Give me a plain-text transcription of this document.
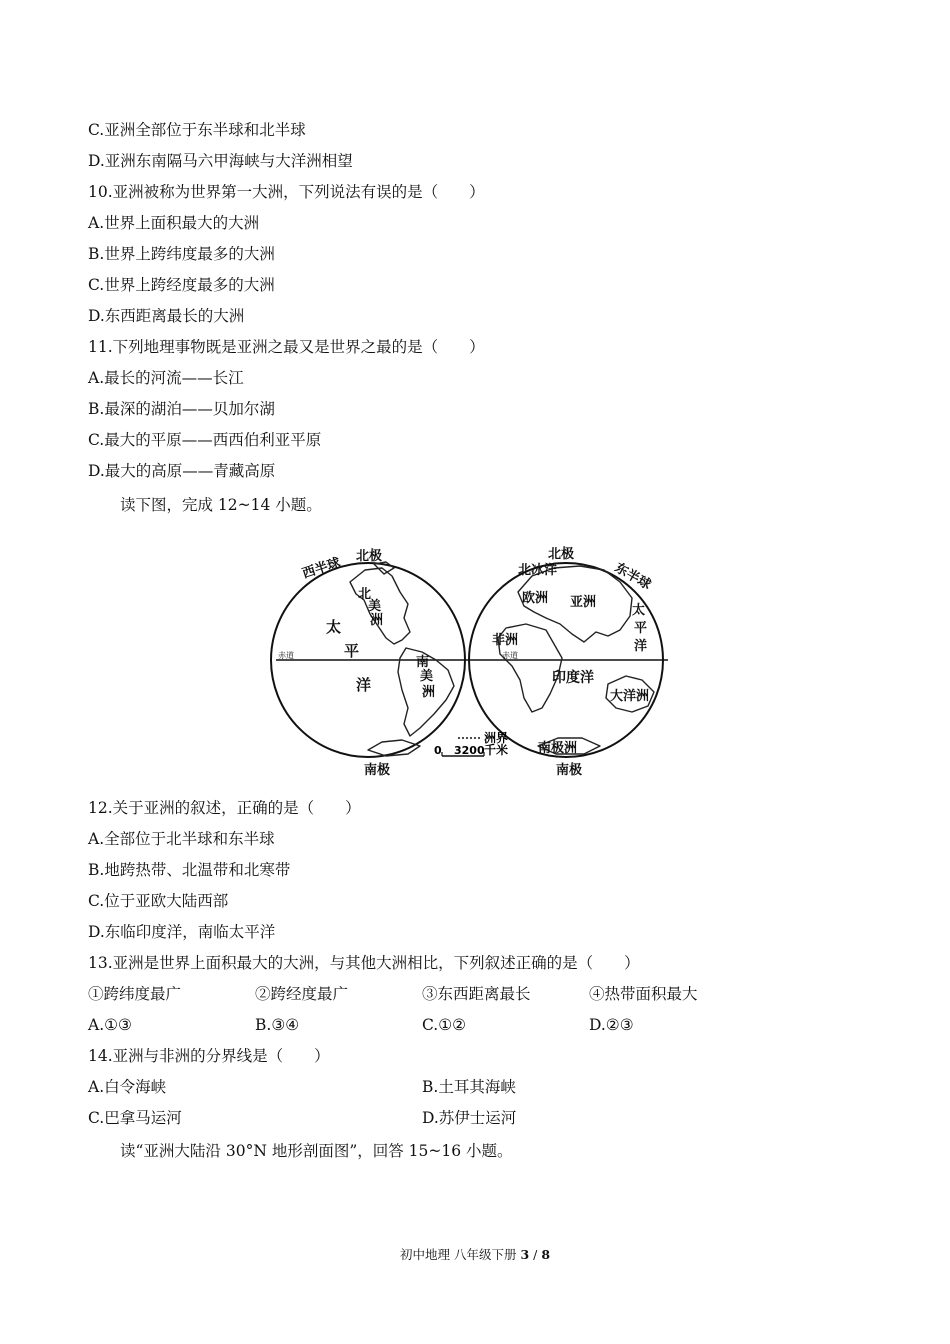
C.亚洲全部位于东半球和北半球
D.亚洲东南隔马六甲海峡与大洋洲相望
10.亚洲被称为世界第一大洲，下列说法有误的是（　　）
A.世界上面积最大的大洲
B.世界上跨纬度最多的大洲
C.世界上跨经度最多的大洲
D.东西距离最长的大洲
11.下列地理事物既是亚洲之最又是世界之最的是（　　）
A.最长的河流——长江
B.最深的湖泊——贝加尔湖
C.最大的平原——西西伯利亚平原
D.最大的高原——青藏高原
读下图，完成 12~14 小题。
西半球 北极
北
美
洲
太
平
洋
南
美
洲
南极
赤道
北极
北冰洋	东半球
欧洲 亚洲
太
平
洋
非洲
赤道
印度洋
大洋洲
南极洲
南极
洲界
0 3200 千米
12.关于亚洲的叙述，正确的是（　　）
A.全部位于北半球和东半球
B.地跨热带、北温带和北寒带
C.位于亚欧大陆西部
D.东临印度洋，南临太平洋
13.亚洲是世界上面积最大的大洲，与其他大洲相比，下列叙述正确的是（　　）
①跨纬度最广	②跨经度最广	③东西距离最长	④热带面积最大
A.①③	B.③④	C.①②	D.②③
14.亚洲与非洲的分界线是（　　）
A.白令海峡	B.土耳其海峡
C.巴拿马运河	D.苏伊士运河
读“亚洲大陆沿 30°N 地形剖面图”，回答 15~16 小题。
初中地理 八年级下册 3 / 8
